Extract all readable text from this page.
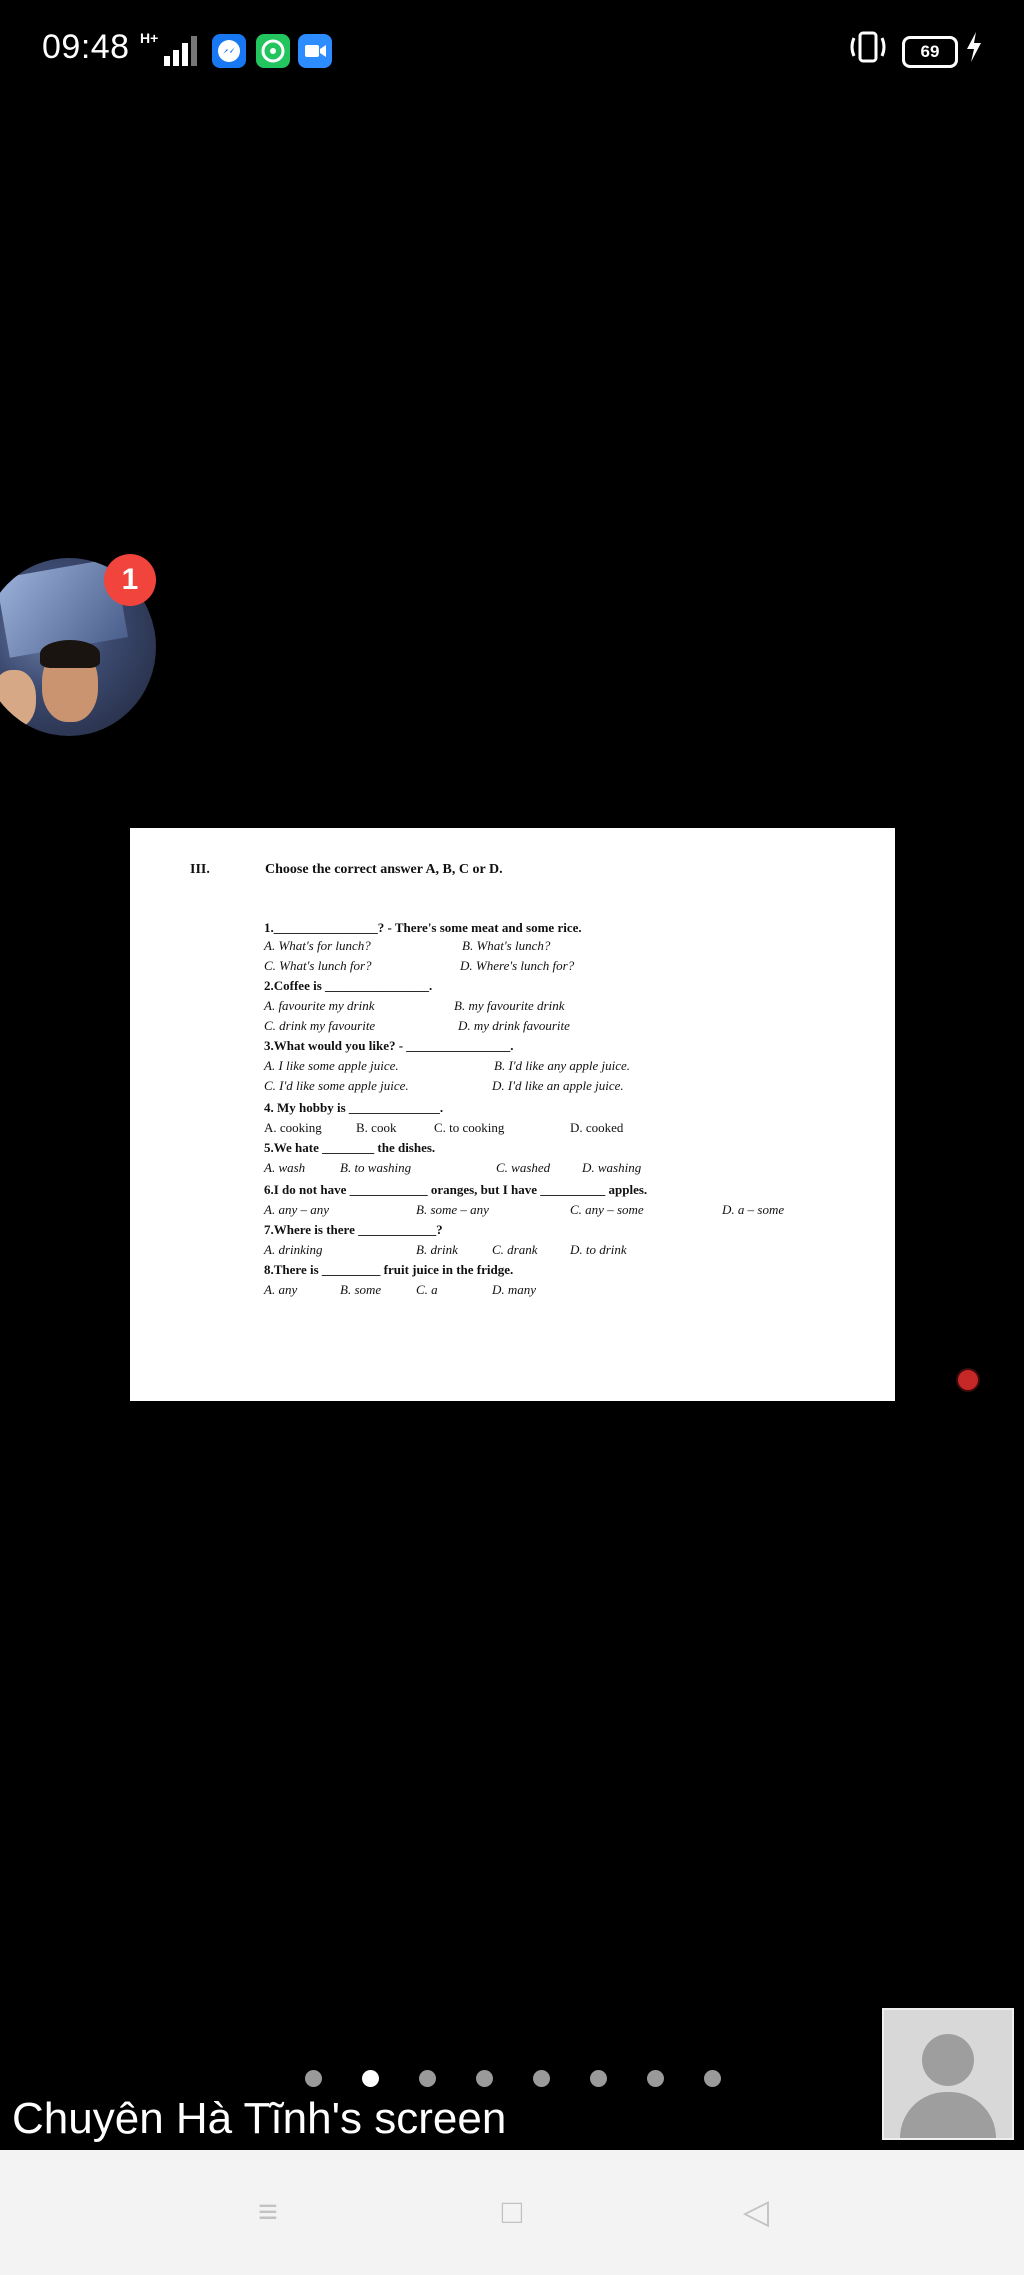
09:48 H+
69
1
III.	Choose the correct answer A, B, C or D.
1.________________? - There's some meat and some rice.
A. What's for lunch?	B. What's lunch?
C. What's lunch for?	D. Where's lunch for?
2.Coffee is ________________.
A. favourite my drink	B. my favourite drink
C. drink my favourite	D. my drink favourite
3.What would you like? - ________________.
A. I like some apple juice.	B. I'd like any apple juice.
C. I'd like some apple juice.	D. I'd like an apple juice.
4. My hobby is ______________.
A. cooking	B. cook	C. to cooking	D. cooked
5.We hate ________ the dishes.
A. wash	B. to washing	C. washed D. washing
6.I do not have ____________ oranges, but I have __________ apples.
A. any – any	B. some – any	C. any – some	D. a – some
7.Where is there ____________?
A. drinking	B. drink	C. drank	D. to drink
8.There is _________ fruit juice in the fridge.
A. any	B. some	C. a	D. many
Chuyên Hà Tĩnh's screen
≡	□	◁
